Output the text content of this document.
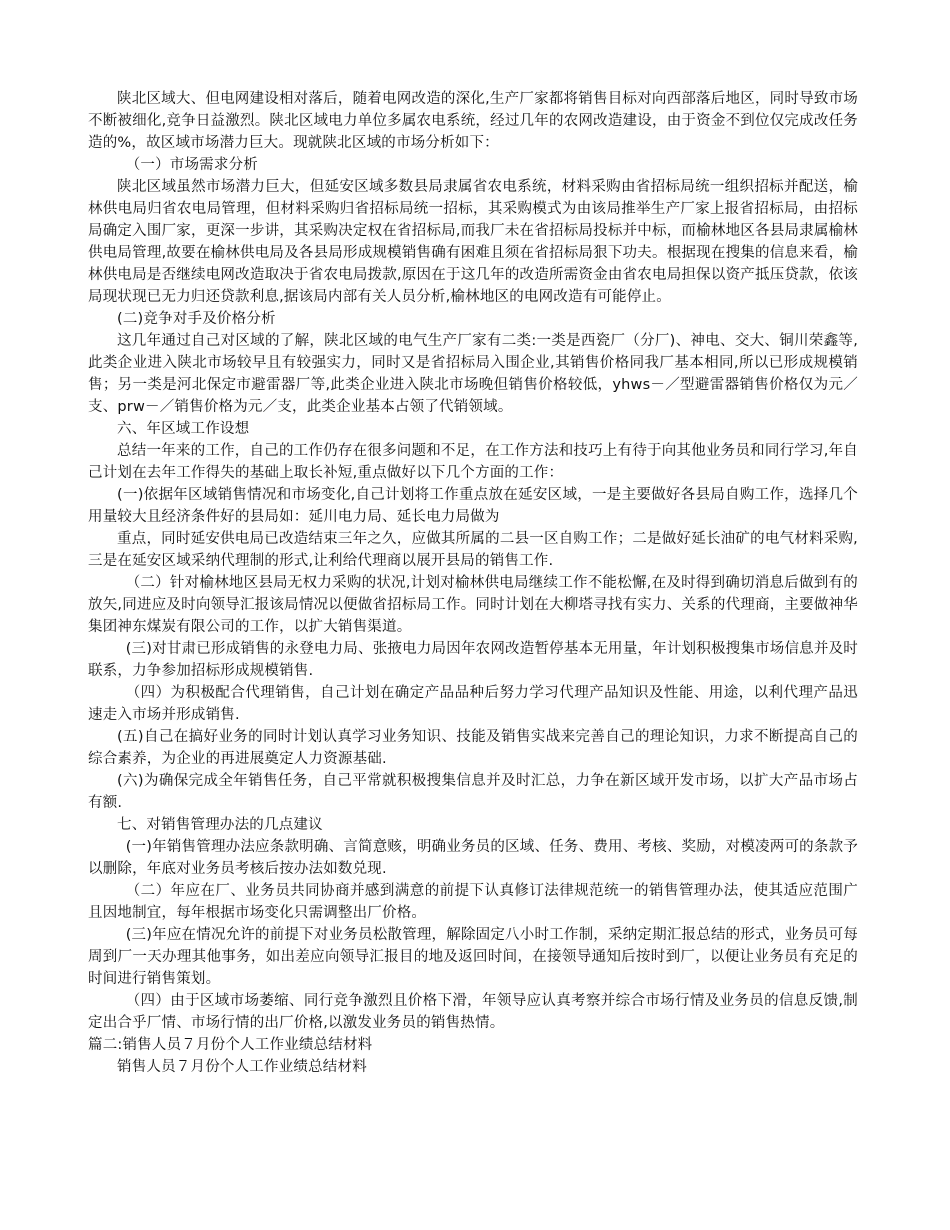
陕北区域大、但电网建设相对落后，随着电网改造的深化,生产厂家都将销售目标对向西部落后地区，同时导致市场不断被细化,竞争日益激烈。陕北区域电力单位多属农电系统，经过几年的农网改造建设，由于资金不到位仅完成改任务造的%，故区域市场潜力巨大。现就陕北区域的市场分析如下：

（一）市场需求分析

陕北区域虽然市场潜力巨大，但延安区域多数县局隶属省农电系统，材料采购由省招标局统一组织招标并配送，榆林供电局归省农电局管理，但材料采购归省招标局统一招标，其采购模式为由该局推举生产厂家上报省招标局，由招标局确定入围厂家，更深一步讲，其采购决定权在省招标局,而我厂未在省招标局投标并中标，而榆林地区各县局隶属榆林供电局管理,故要在榆林供电局及各县局形成规模销售确有困难且须在省招标局狠下功夫。根据现在搜集的信息来看，榆林供电局是否继续电网改造取决于省农电局拨款,原因在于这几年的改造所需资金由省农电局担保以资产抵压贷款，依该局现状现已无力归还贷款利息,据该局内部有关人员分析,榆林地区的电网改造有可能停止。

(二)竞争对手及价格分析

这几年通过自己对区域的了解，陕北区域的电气生产厂家有二类:一类是西瓷厂（分厂)、神电、交大、铜川荣鑫等,此类企业进入陕北市场较早且有较强实力，同时又是省招标局入围企业,其销售价格同我厂基本相同,所以已形成规模销售；另一类是河北保定市避雷器厂等,此类企业进入陕北市场晚但销售价格较低，yhws－／型避雷器销售价格仅为元／支、prw－／销售价格为元／支，此类企业基本占领了代销领域。

六、年区域工作设想

总结一年来的工作，自己的工作仍存在很多问题和不足，在工作方法和技巧上有待于向其他业务员和同行学习,年自己计划在去年工作得失的基础上取长补短,重点做好以下几个方面的工作：

(一)依据年区域销售情况和市场变化,自己计划将工作重点放在延安区域，一是主要做好各县局自购工作，选择几个用量较大且经济条件好的县局如：延川电力局、延长电力局做为

重点，同时延安供电局已改造结束三年之久，应做其所属的二县一区自购工作；二是做好延长油矿的电气材料采购,三是在延安区域采纳代理制的形式,让利给代理商以展开县局的销售工作.

（二）针对榆林地区县局无权力采购的状况,计划对榆林供电局继续工作不能松懈,在及时得到确切消息后做到有的放矢,同进应及时向领导汇报该局情况以便做省招标局工作。同时计划在大柳塔寻找有实力、关系的代理商，主要做神华集团神东煤炭有限公司的工作，以扩大销售渠道。

(三)对甘肃已形成销售的永登电力局、张掖电力局因年农网改造暂停基本无用量，年计划积极搜集市场信息并及时联系，力争参加招标形成规模销售.

（四）为积极配合代理销售，自己计划在确定产品品种后努力学习代理产品知识及性能、用途，以利代理产品迅速走入市场并形成销售.

(五)自己在搞好业务的同时计划认真学习业务知识、技能及销售实战来完善自己的理论知识，力求不断提高自己的综合素养，为企业的再进展奠定人力资源基础.

(六)为确保完成全年销售任务，自己平常就积极搜集信息并及时汇总，力争在新区域开发市场，以扩大产品市场占有额.

七、对销售管理办法的几点建议

(一)年销售管理办法应条款明确、言简意赅，明确业务员的区域、任务、费用、考核、奖励，对模凌两可的条款予以删除，年底对业务员考核后按办法如数兑现.

（二）年应在厂、业务员共同协商并感到满意的前提下认真修订法律规范统一的销售管理办法，使其适应范围广且因地制宜，每年根据市场变化只需调整出厂价格。

(三)年应在情况允许的前提下对业务员松散管理，解除固定八小时工作制，采纳定期汇报总结的形式，业务员可每周到厂一天办理其他事务，如出差应向领导汇报目的地及返回时间，在接领导通知后按时到厂，以便让业务员有充足的时间进行销售策划。

（四）由于区域市场萎缩、同行竞争激烈且价格下滑，年领导应认真考察并综合市场行情及业务员的信息反馈,制定出合乎厂情、市场行情的出厂价格,以激发业务员的销售热情。

篇二:销售人员７月份个人工作业绩总结材料

销售人员７月份个人工作业绩总结材料
